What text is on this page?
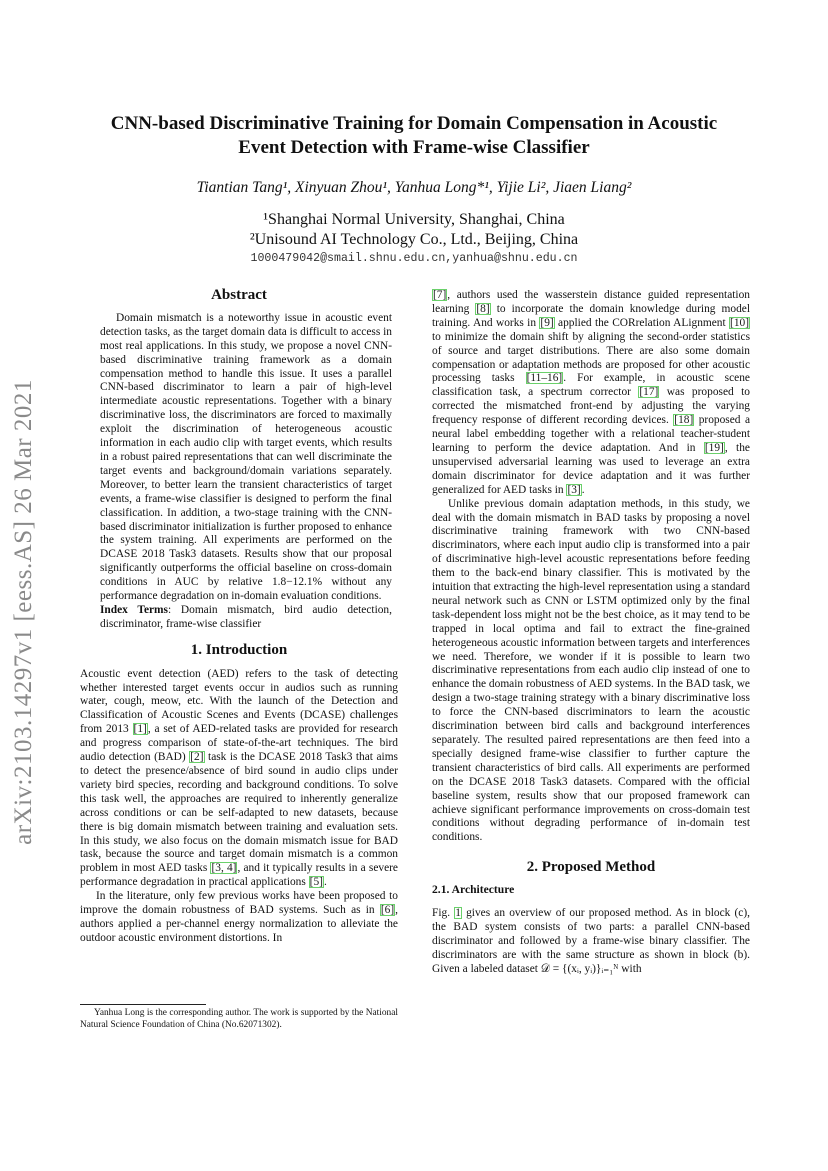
arXiv:2103.14297v1 [eess.AS] 26 Mar 2021
CNN-based Discriminative Training for Domain Compensation in Acoustic
Event Detection with Frame-wise Classifier
Tiantian Tang¹, Xinyuan Zhou¹, Yanhua Long*¹, Yijie Li², Jiaen Liang²
¹Shanghai Normal University, Shanghai, China
²Unisound AI Technology Co., Ltd., Beijing, China
1000479042@smail.shnu.edu.cn,yanhua@shnu.edu.cn

Abstract

Domain mismatch is a noteworthy issue in acoustic event detection tasks, as the target domain data is difficult to access in most real applications. In this study, we propose a novel CNN-based discriminative training framework as a domain compensation method to handle this issue. It uses a parallel CNN-based discriminator to learn a pair of high-level intermediate acoustic representations. Together with a binary discriminative loss, the discriminators are forced to maximally exploit the discrimination of heterogeneous acoustic information in each audio clip with target events, which results in a robust paired representations that can well discriminate the target events and background/domain variations separately. Moreover, to better learn the transient characteristics of target events, a frame-wise classifier is designed to perform the final classification. In addition, a two-stage training with the CNN-based discriminator initialization is further proposed to enhance the system training. All experiments are performed on the DCASE 2018 Task3 datasets. Results show that our proposal significantly outperforms the official baseline on cross-domain conditions in AUC by relative 1.8−12.1% without any performance degradation on in-domain evaluation conditions.

Index Terms: Domain mismatch, bird audio detection, discriminator, frame-wise classifier

1. Introduction

Acoustic event detection (AED) refers to the task of detecting whether interested target events occur in audios such as running water, cough, meow, etc. With the launch of the Detection and Classification of Acoustic Scenes and Events (DCASE) challenges from 2013 [1], a set of AED-related tasks are provided for research and progress comparison of state-of-the-art techniques. The bird audio detection (BAD) [2] task is the DCASE 2018 Task3 that aims to detect the presence/absence of bird sound in audio clips under variety bird species, recording and background conditions. To solve this task well, the approaches are required to inherently generalize across conditions or can be self-adapted to new datasets, because there is big domain mismatch between training and evaluation sets. In this study, we also focus on the domain mismatch issue for BAD task, because the source and target domain mismatch is a common problem in most AED tasks [3, 4], and it typically results in a severe performance degradation in practical applications [5].

In the literature, only few previous works have been proposed to improve the domain robustness of BAD systems. Such as in [6], authors applied a per-channel energy normalization to alleviate the outdoor acoustic environment distortions. In

Yanhua Long is the corresponding author. The work is supported by the National Natural Science Foundation of China (No.62071302).

[7], authors used the wasserstein distance guided representation learning [8] to incorporate the domain knowledge during model training. And works in [9] applied the CORrelation ALignment [10] to minimize the domain shift by aligning the second-order statistics of source and target distributions. There are also some domain compensation or adaptation methods are proposed for other acoustic processing tasks [11–16]. For example, in acoustic scene classification task, a spectrum corrector [17] was proposed to corrected the mismatched front-end by adjusting the varying frequency response of different recording devices. [18] proposed a neural label embedding together with a relational teacher-student learning to perform the device adaptation. And in [19], the unsupervised adversarial learning was used to leverage an extra domain discriminator for device adaptation and it was further generalized for AED tasks in [3].

Unlike previous domain adaptation methods, in this study, we deal with the domain mismatch in BAD tasks by proposing a novel discriminative training framework with two CNN-based discriminators, where each input audio clip is transformed into a pair of discriminative high-level acoustic representations before feeding them to the back-end binary classifier. This is motivated by the intuition that extracting the high-level representation using a standard neural network such as CNN or LSTM optimized only by the final task-dependent loss might not be the best choice, as it may tend to be trapped in local optima and fail to extract the fine-grained heterogeneous acoustic information between targets and interferences we need. Therefore, we wonder if it is possible to learn two discriminative representations from each audio clip instead of one to enhance the domain robustness of AED systems. In the BAD task, we design a two-stage training strategy with a binary discriminative loss to force the CNN-based discriminators to learn the acoustic discrimination between bird calls and background interferences separately. The resulted paired representations are then feed into a specially designed frame-wise classifier to further capture the transient characteristics of bird calls. All experiments are performed on the DCASE 2018 Task3 datasets. Compared with the official baseline system, results show that our proposed framework can achieve significant performance improvements on cross-domain test conditions without degrading performance of in-domain test conditions.

2. Proposed Method

2.1. Architecture

Fig. 1 gives an overview of our proposed method. As in block (c), the BAD system consists of two parts: a parallel CNN-based discriminator and followed by a frame-wise binary classifier. The discriminators are with the same structure as shown in block (b). Given a labeled dataset 𝒟 = {(xᵢ, yᵢ)}ᵢ₌₁ᴺ with
